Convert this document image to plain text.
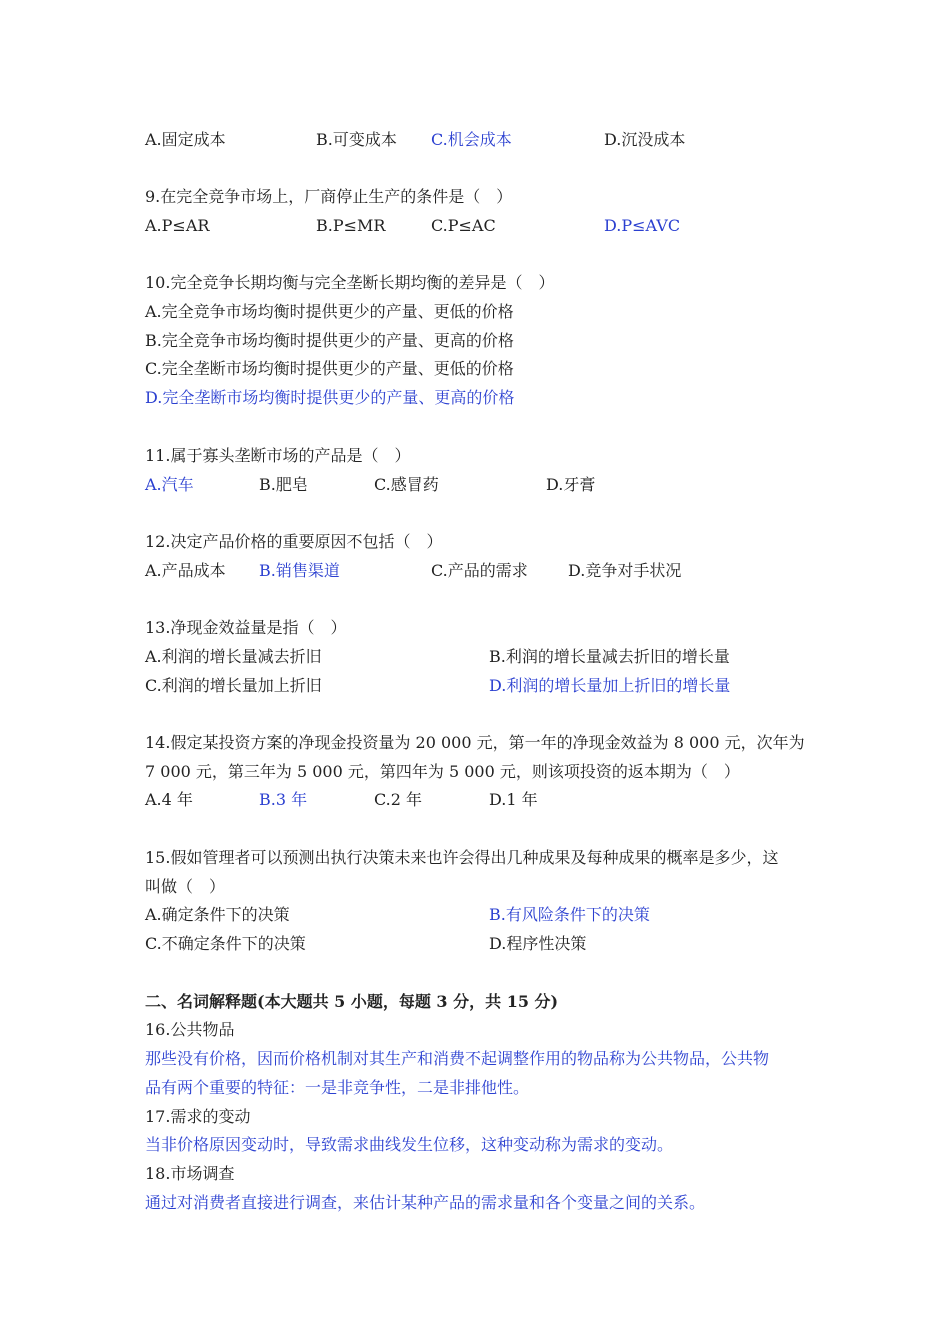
A.固定成本	B.可变成本 C.机会成本	D.沉没成本
9.在完全竞争市场上，厂商停止生产的条件是（　）
A.P≤AR	B.P≤MR	C.P≤AC	D.P≤AVC
10.完全竞争长期均衡与完全垄断长期均衡的差异是（　）
A.完全竞争市场均衡时提供更少的产量、更低的价格
B.完全竞争市场均衡时提供更少的产量、更高的价格
C.完全垄断市场均衡时提供更少的产量、更低的价格
D.完全垄断市场均衡时提供更少的产量、更高的价格
11.属于寡头垄断市场的产品是（　）
A.汽车	B.肥皂	C.感冒药	D.牙膏
12.决定产品价格的重要原因不包括（　）
A.产品成本 B.销售渠道	C.产品的需求	D.竞争对手状况
13.净现金效益量是指（　）
A.利润的增长量减去折旧	B.利润的增长量减去折旧的增长量
C.利润的增长量加上折旧	D.利润的增长量加上折旧的增长量
14.假定某投资方案的净现金投资量为 20 000 元，第一年的净现金效益为 8 000 元，次年为
7 000 元，第三年为 5 000 元，第四年为 5 000 元，则该项投资的返本期为（　）
A.4 年	B.3 年	C.2 年	D.1 年
15.假如管理者可以预测出执行决策未来也许会得出几种成果及每种成果的概率是多少，这
叫做（　）
A.确定条件下的决策	B.有风险条件下的决策
C.不确定条件下的决策	D.程序性决策
二、名词解释题(本大题共 5 小题，每题 3 分，共 15 分)
16.公共物品
那些没有价格，因而价格机制对其生产和消费不起调整作用的物品称为公共物品，公共物
品有两个重要的特征：一是非竞争性，二是非排他性。
17.需求的变动
当非价格原因变动时，导致需求曲线发生位移，这种变动称为需求的变动。
18.市场调查
通过对消费者直接进行调查，来估计某种产品的需求量和各个变量之间的关系。
